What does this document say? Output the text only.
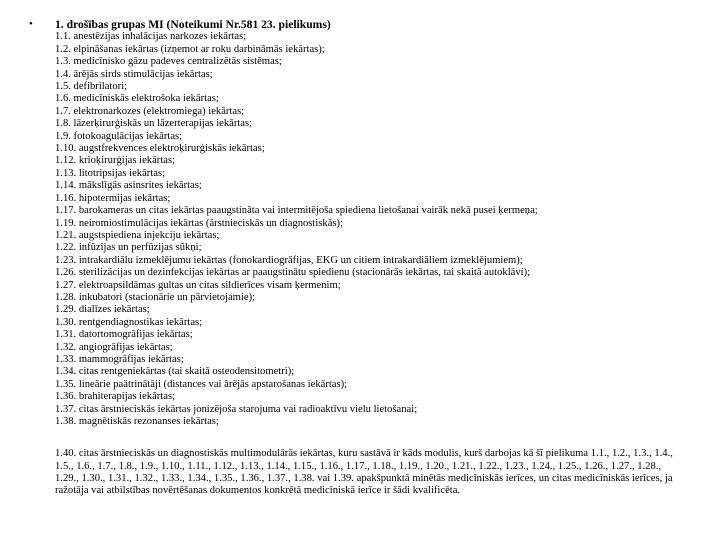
• 1. drošības grupas MI (Noteikumi Nr.581 23. pielikums)
1.1. anestēzijas inhalācijas narkozes iekārtas;
1.2. elpināšanas iekārtas (izņemot ar roku darbināmās iekārtas);
1.3. medicīnisko gāzu padeves centralizētās sistēmas;
1.4. ārējās sirds stimulācijas iekārtas;
1.5. defibrilatori;
1.6. medicīniskās elektrošoka iekārtas;
1.7. elektronarkozes (elektromiega) iekārtas;
1.8. lāzerķirurģiskās un lāzerterapijas iekārtas;
1.9. fotokoagulācijas iekārtas;
1.10. augstfrekvences elektroķirurģiskās iekārtas;
1.12. krioķirurģijas iekārtas;
1.13. litotripsijas iekārtas;
1.14. mākslīgās asinsrites iekārtas;
1.16. hipotermijas iekārtas;
1.17. barokameras un citas iekārtas paaugstināta vai intermitējoša spiediena lietošanai vairāk nekā pusei ķermeņa;
1.19. neiromiostimulācijas iekārtas (ārstnieciskās un diagnostiskās);
1.21. augstspiediena injekciju iekārtas;
1.22. infūzijas un perfūzijas sūkņi;
1.23. intrakardiālu izmeklējumu iekārtas (fonokardiogrāfijas, EKG un citiem intrakardiāliem izmeklējumiem);
1.26. sterilizācijas un dezinfekcijas iekārtas ar paaugstinātu spiedienu (stacionārās iekārtas, tai skaitā autoklāvi);
1.27. elektroapsildāmas gultas un citas sildierīces visam ķermenim;
1.28. inkubatori (stacionārie un pārvietojamie);
1.29. dialīzes iekārtas;
1.30. rentgendiagnostikas iekārtas;
1.31. datortomogrāfijas iekārtas;
1.32. angiogrāfijas iekārtas;
1.33. mammogrāfijas iekārtas;
1.34. citas rentgeniekārtas (tai skaitā osteodensitometri);
1.35. lineārie paātrinātāji (distances vai ārējās apstarošanas iekārtas);
1.36. brahiterapijas iekārtas;
1.37. citas ārstnieciskās iekārtas jonizējoša starojuma vai radioaktīvu vielu lietošanai;
1.38. magnētiskās rezonanses iekārtas;
1.40. citas ārstnieciskās un diagnostiskās multimodulārās iekārtas, kuru sastāvā ir kāds modulis, kurš darbojas kā šī pielikuma 1.1., 1.2., 1.3., 1.4., 1.5., 1.6., 1.7., 1.8., 1.9., 1.10., 1.11., 1.12., 1.13., 1.14., 1.15., 1.16., 1.17., 1.18., 1.19., 1.20., 1.21., 1.22., 1.23., 1.24., 1.25., 1.26., 1.27., 1.28., 1.29., 1.30., 1.31., 1.32., 1.33., 1.34., 1.35., 1.36., 1.37., 1.38. vai 1.39. apakšpunktā minētās medicīniskās ierīces, un citas medicīniskās ierīces, ja ražotāja vai atbilstības novērtēšanas dokumentos konkrētā medicīniskā ierīce ir šādi kvalificēta.
